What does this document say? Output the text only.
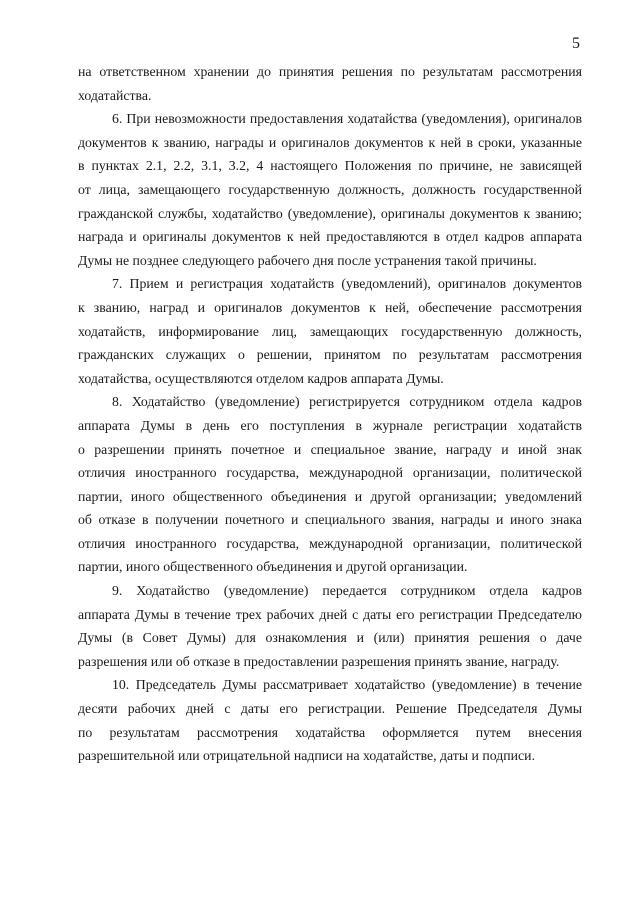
5
на ответственном хранении до принятия решения по результатам рассмотрения
ходатайства.
6. При невозможности предоставления ходатайства (уведомления), оригиналов
документов к званию, награды и оригиналов документов к ней в сроки, указанные
в пунктах 2.1, 2.2, 3.1, 3.2, 4 настоящего Положения по причине, не зависящей
от лица, замещающего государственную должность, должность государственной
гражданской службы, ходатайство (уведомление), оригиналы документов к званию;
награда и оригиналы документов к ней предоставляются в отдел кадров аппарата
Думы не позднее следующего рабочего дня после устранения такой причины.
7. Прием и регистрация ходатайств (уведомлений), оригиналов документов
к званию, наград и оригиналов документов к ней, обеспечение рассмотрения
ходатайств, информирование лиц, замещающих государственную должность,
гражданских служащих о решении, принятом по результатам рассмотрения
ходатайства, осуществляются отделом кадров аппарата Думы.
8. Ходатайство (уведомление) регистрируется сотрудником отдела кадров
аппарата Думы в день его поступления в журнале регистрации ходатайств
о разрешении принять почетное и специальное звание, награду и иной знак
отличия иностранного государства, международной организации, политической
партии, иного общественного объединения и другой организации; уведомлений
об отказе в получении почетного и специального звания, награды и иного знака
отличия иностранного государства, международной организации, политической
партии, иного общественного объединения и другой организации.
9. Ходатайство (уведомление) передается сотрудником отдела кадров
аппарата Думы в течение трех рабочих дней с даты его регистрации Председателю
Думы (в Совет Думы) для ознакомления и (или) принятия решения о даче
разрешения или об отказе в предоставлении разрешения принять звание, награду.
10. Председатель Думы рассматривает ходатайство (уведомление) в течение
десяти рабочих дней с даты его регистрации. Решение Председателя Думы
по результатам рассмотрения ходатайства оформляется путем внесения
разрешительной или отрицательной надписи на ходатайстве, даты и подписи.
